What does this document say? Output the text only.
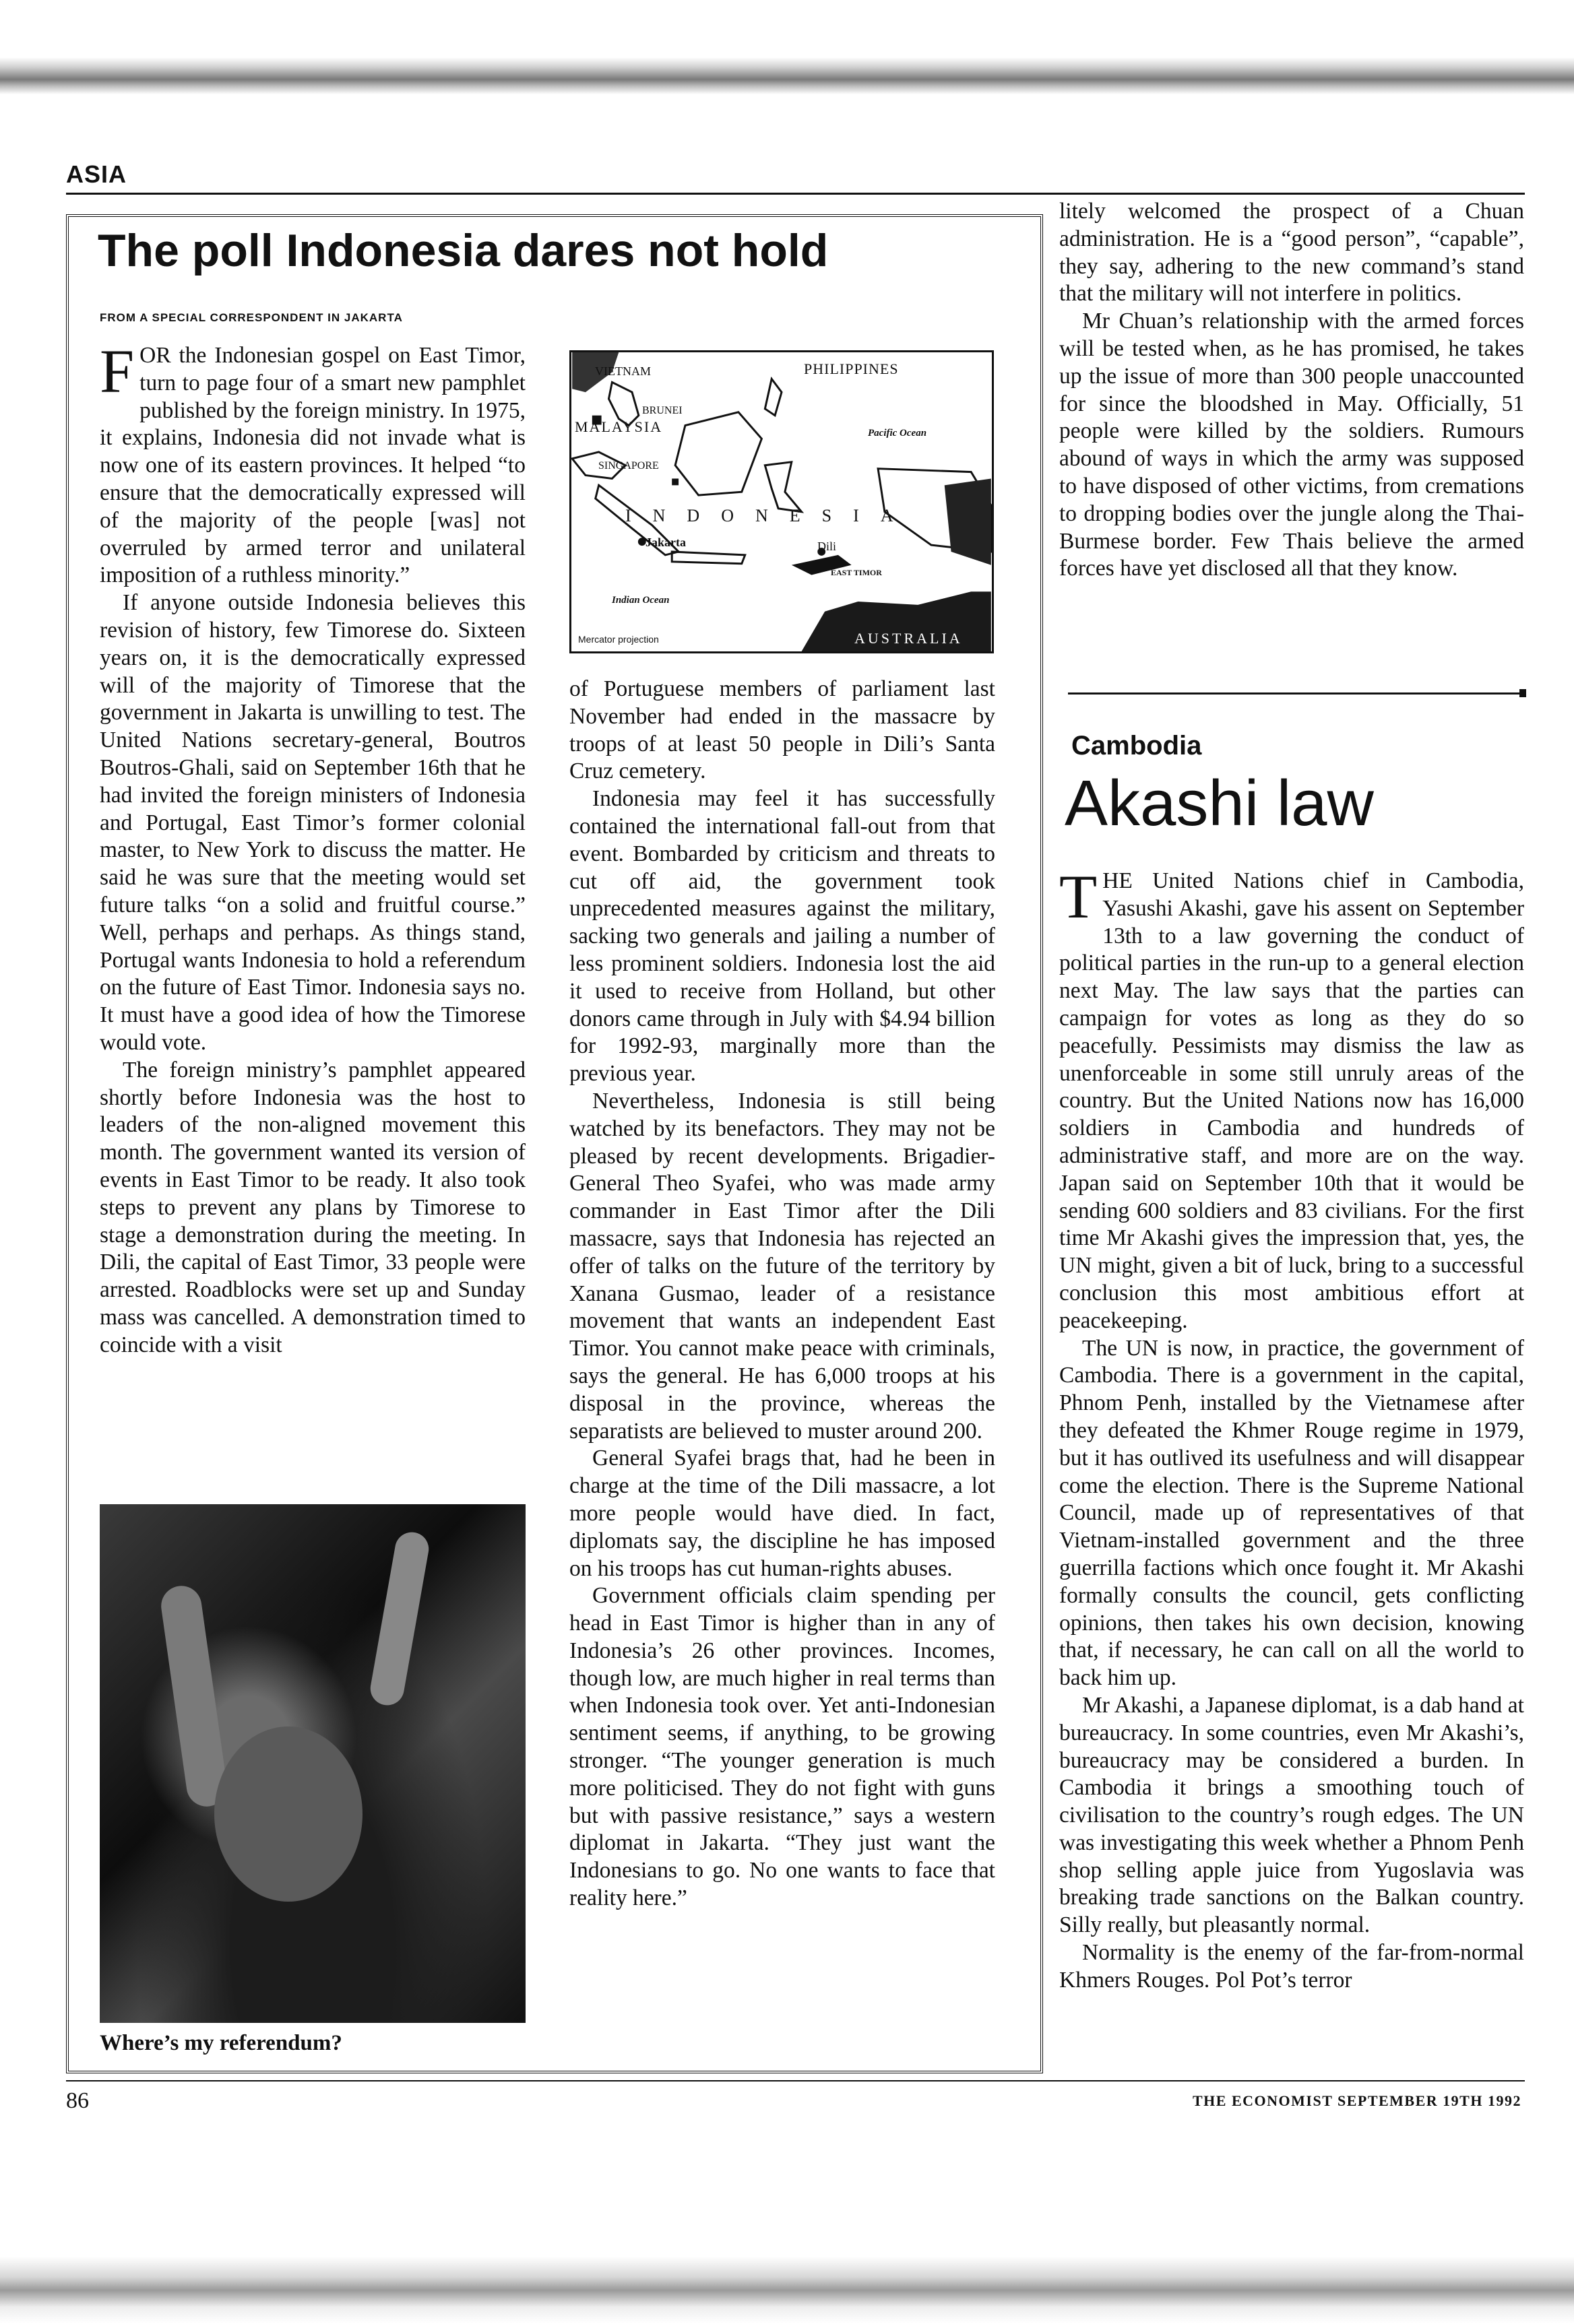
ASIA
The poll Indonesia dares not hold
FROM A SPECIAL CORRESPONDENT IN JAKARTA

FOR the Indonesian gospel on East Timor, turn to page four of a smart new pamphlet published by the foreign ministry. In 1975, it explains, Indonesia did not invade what is now one of its eastern provinces. It helped “to ensure that the democratically expressed will of the majority of the people [was] not overruled by armed terror and unilateral imposition of a ruthless minority.”

If anyone outside Indonesia believes this revision of history, few Timorese do. Sixteen years on, it is the democratically expressed will of the majority of Timorese that the government in Jakarta is unwilling to test. The United Nations secretary-general, Boutros Boutros-Ghali, said on September 16th that he had invited the foreign ministers of Indonesia and Portugal, East Timor’s former colonial master, to New York to discuss the matter. He said he was sure that the meeting would set future talks “on a solid and fruitful course.” Well, perhaps and perhaps. As things stand, Portugal wants Indonesia to hold a referendum on the future of East Timor. Indonesia says no. It must have a good idea of how the Timorese would vote.

The foreign ministry’s pamphlet appeared shortly before Indonesia was the host to leaders of the non-aligned movement this month. The government wanted its version of events in East Timor to be ready. It also took steps to prevent any plans by Timorese to stage a demonstration during the meeting. In Dili, the capital of East Timor, 33 people were arrested. Roadblocks were set up and Sunday mass was cancelled. A demonstration timed to coincide with a visit

VIETNAM	PHILIPPINES
BRUNEI
MALAYSIA	Pacific Ocean
SINGAPORE
INDONESIA
Jakarta	Dili
EAST TIMOR
Indian Ocean
Mercator projection	AUSTRALIA

of Portuguese members of parliament last November had ended in the massacre by troops of at least 50 people in Dili’s Santa Cruz cemetery.

Indonesia may feel it has successfully contained the international fall-out from that event. Bombarded by criticism and threats to cut off aid, the government took unprecedented measures against the military, sacking two generals and jailing a number of less prominent soldiers. Indonesia lost the aid it used to receive from Holland, but other donors came through in July with $4.94 billion for 1992-93, marginally more than the previous year.

Nevertheless, Indonesia is still being watched by its benefactors. They may not be pleased by recent developments. Brigadier-General Theo Syafei, who was made army commander in East Timor after the Dili massacre, says that Indonesia has rejected an offer of talks on the future of the territory by Xanana Gusmao, leader of a resistance movement that wants an independent East Timor. You cannot make peace with criminals, says the general. He has 6,000 troops at his disposal in the province, whereas the separatists are believed to muster around 200.

General Syafei brags that, had he been in charge at the time of the Dili massacre, a lot more people would have died. In fact, diplomats say, the discipline he has imposed on his troops has cut human-rights abuses.

Government officials claim spending per head in East Timor is higher than in any of Indonesia’s 26 other provinces. Incomes, though low, are much higher in real terms than when Indonesia took over. Yet anti-Indonesian sentiment seems, if anything, to be growing stronger. “The younger generation is much more politicised. They do not fight with guns but with passive resistance,” says a western diplomat in Jakarta. “They just want the Indonesians to go. No one wants to face that reality here.”

Where’s my referendum?

litely welcomed the prospect of a Chuan administration. He is a “good person”, “capable”, they say, adhering to the new command’s stand that the military will not interfere in politics.

Mr Chuan’s relationship with the armed forces will be tested when, as he has promised, he takes up the issue of more than 300 people unaccounted for since the bloodshed in May. Officially, 51 people were killed by the soldiers. Rumours abound of ways in which the army was supposed to have disposed of other victims, from cremations to dropping bodies over the jungle along the Thai-Burmese border. Few Thais believe the armed forces have yet disclosed all that they know.

Cambodia
Akashi law

THE United Nations chief in Cambodia, Yasushi Akashi, gave his assent on September 13th to a law governing the conduct of political parties in the run-up to a general election next May. The law says that the parties can campaign for votes as long as they do so peacefully. Pessimists may dismiss the law as unenforceable in some still unruly areas of the country. But the United Nations now has 16,000 soldiers in Cambodia and hundreds of administrative staff, and more are on the way. Japan said on September 10th that it would be sending 600 soldiers and 83 civilians. For the first time Mr Akashi gives the impression that, yes, the UN might, given a bit of luck, bring to a successful conclusion this most ambitious effort at peacekeeping.

The UN is now, in practice, the government of Cambodia. There is a government in the capital, Phnom Penh, installed by the Vietnamese after they defeated the Khmer Rouge regime in 1979, but it has outlived its usefulness and will disappear come the election. There is the Supreme National Council, made up of representatives of that Vietnam-installed government and the three guerrilla factions which once fought it. Mr Akashi formally consults the council, gets conflicting opinions, then takes his own decision, knowing that, if necessary, he can call on all the world to back him up.

Mr Akashi, a Japanese diplomat, is a dab hand at bureaucracy. In some countries, even Mr Akashi’s, bureaucracy may be considered a burden. In Cambodia it brings a smoothing touch of civilisation to the country’s rough edges. The UN was investigating this week whether a Phnom Penh shop selling apple juice from Yugoslavia was breaking trade sanctions on the Balkan country. Silly really, but pleasantly normal.

Normality is the enemy of the far-from-normal Khmers Rouges. Pol Pot’s terror

86	THE ECONOMIST SEPTEMBER 19TH 1992
